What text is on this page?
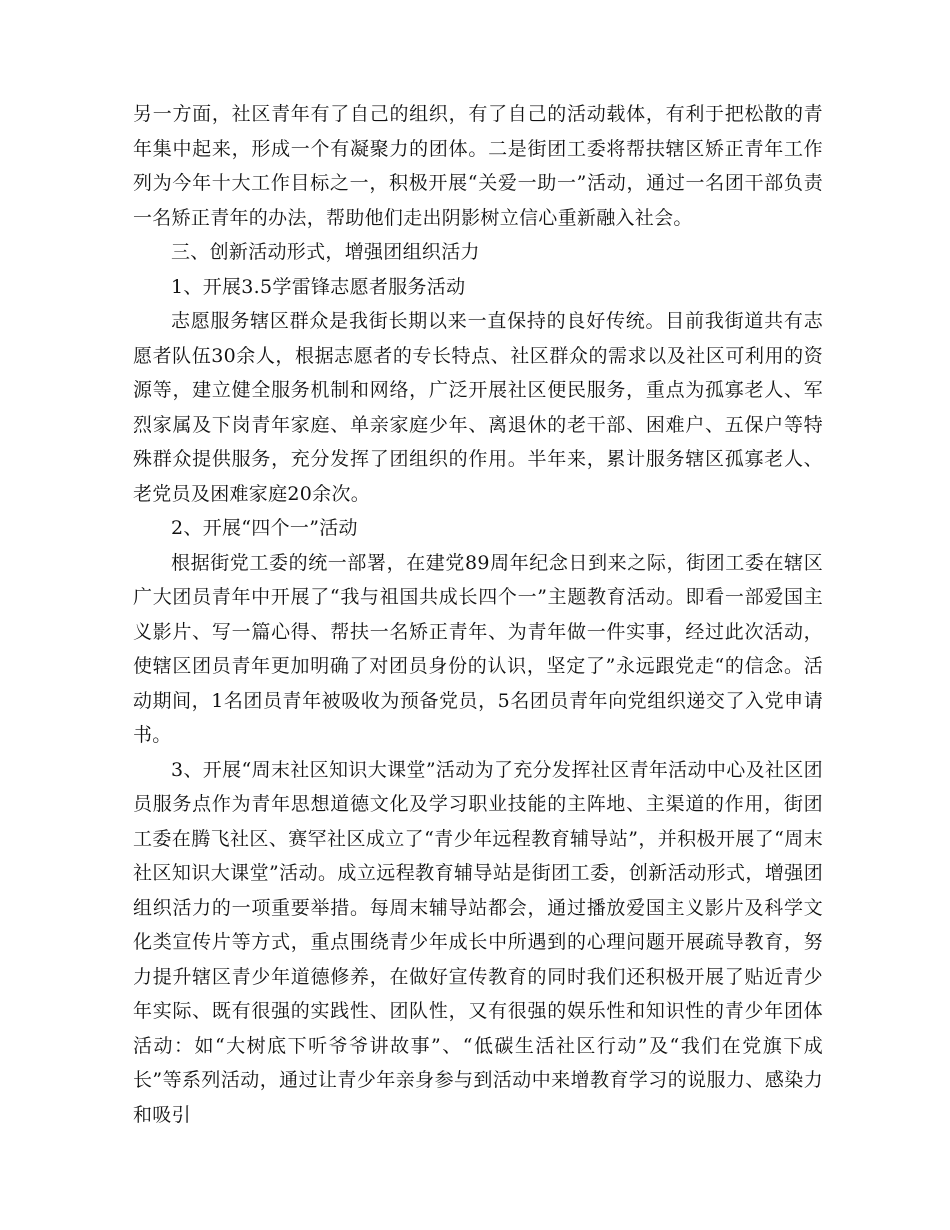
另一方面，社区青年有了自己的组织，有了自己的活动载体，有利于把松散的青年集中起来，形成一个有凝聚力的团体。二是街团工委将帮扶辖区矫正青年工作列为今年十大工作目标之一，积极开展“关爱一助一”活动，通过一名团干部负责一名矫正青年的办法，帮助他们走出阴影树立信心重新融入社会。

三、创新活动形式，增强团组织活力

1、开展3.5学雷锋志愿者服务活动

志愿服务辖区群众是我街长期以来一直保持的良好传统。目前我街道共有志愿者队伍30余人，根据志愿者的专长特点、社区群众的需求以及社区可利用的资源等，建立健全服务机制和网络，广泛开展社区便民服务，重点为孤寡老人、军烈家属及下岗青年家庭、单亲家庭少年、离退休的老干部、困难户、五保户等特殊群众提供服务，充分发挥了团组织的作用。半年来，累计服务辖区孤寡老人、老党员及困难家庭20余次。

2、开展“四个一”活动

根据街党工委的统一部署，在建党89周年纪念日到来之际，街团工委在辖区广大团员青年中开展了“我与祖国共成长四个一”主题教育活动。即看一部爱国主义影片、写一篇心得、帮扶一名矫正青年、为青年做一件实事，经过此次活动，使辖区团员青年更加明确了对团员身份的认识，坚定了”永远跟党走“的信念。活动期间，1名团员青年被吸收为预备党员，5名团员青年向党组织递交了入党申请书。

3、开展“周末社区知识大课堂”活动为了充分发挥社区青年活动中心及社区团员服务点作为青年思想道德文化及学习职业技能的主阵地、主渠道的作用，街团工委在腾飞社区、赛罕社区成立了“青少年远程教育辅导站”，并积极开展了“周末社区知识大课堂”活动。成立远程教育辅导站是街团工委，创新活动形式，增强团组织活力的一项重要举措。每周末辅导站都会，通过播放爱国主义影片及科学文化类宣传片等方式，重点围绕青少年成长中所遇到的心理问题开展疏导教育，努力提升辖区青少年道德修养，在做好宣传教育的同时我们还积极开展了贴近青少年实际、既有很强的实践性、团队性，又有很强的娱乐性和知识性的青少年团体活动：如“大树底下听爷爷讲故事”、“低碳生活社区行动”及“我们在党旗下成长”等系列活动，通过让青少年亲身参与到活动中来增教育学习的说服力、感染力和吸引
